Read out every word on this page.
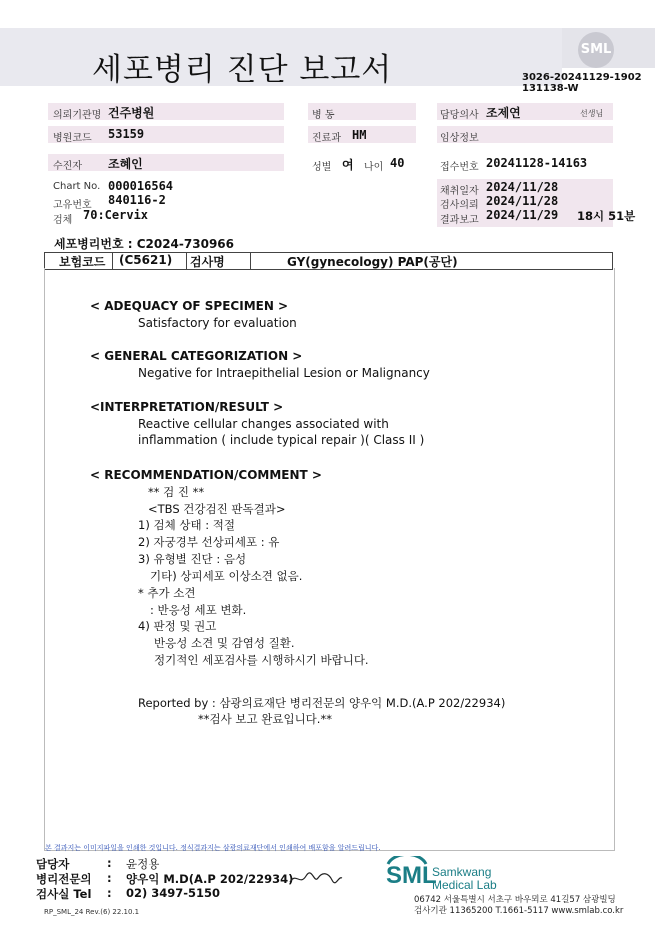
세포병리 진단 보고서
SML
3026-20241129-1902
131138-W
의뢰기관명 건주병원	병 동	담당의사 조제연	선생님
병원코드 53159	진료과 HM	임상정보
수진자 조혜인	성별 여 나이 40	접수번호 20241128-14163
Chart No. 000016564
고유번호 840116-2
검체 70:Cervix
채취일자 2024/11/28
검사의뢰 2024/11/28
결과보고 2024/11/29 18시 51분
세포병리번호 : C2024-730966
보험코드 (C5621) 검사명	GY(gynecology) PAP(공단)
< ADEQUACY OF SPECIMEN >
Satisfactory for evaluation
< GENERAL CATEGORIZATION >
Negative for Intraepithelial Lesion or Malignancy
<INTERPRETATION/RESULT >
Reactive cellular changes associated with
inflammation ( include typical repair )( Class II )
< RECOMMENDATION/COMMENT >
** 검 진 **
<TBS 건강검진 판독결과>
1) 검체 상태 : 적절
2) 자궁경부 선상피세포 : 유
3) 유형별 진단 : 음성
기타) 상피세포 이상소견 없음.
* 추가 소견
: 반응성 세포 변화.
4) 판정 및 권고
반응성 소견 및 감염성 질환.
정기적인 세포검사를 시행하시기 바랍니다.
Reported by : 삼광의료재단 병리전문의 양우익 M.D.(A.P 202/22934)
**검사 보고 완료입니다.**
본 결과지는 이미지파일을 인쇄한 것입니다. 정식결과지는 삼광의료재단에서 인쇄하여 배포함을 알려드립니다.
담당자	: 윤정용
병리전문의 : 양우익 M.D(A.P 202/22934)
검사실 Tel : 02) 3497-5150
SML
Samkwang
Medical Lab
06742 서울특별시 서초구 바우뫼로 41길57 삼광빌딩
검사기관 11365200 T.1661-5117 www.smlab.co.kr
RP_SML_24 Rev.(6) 22.10.1
